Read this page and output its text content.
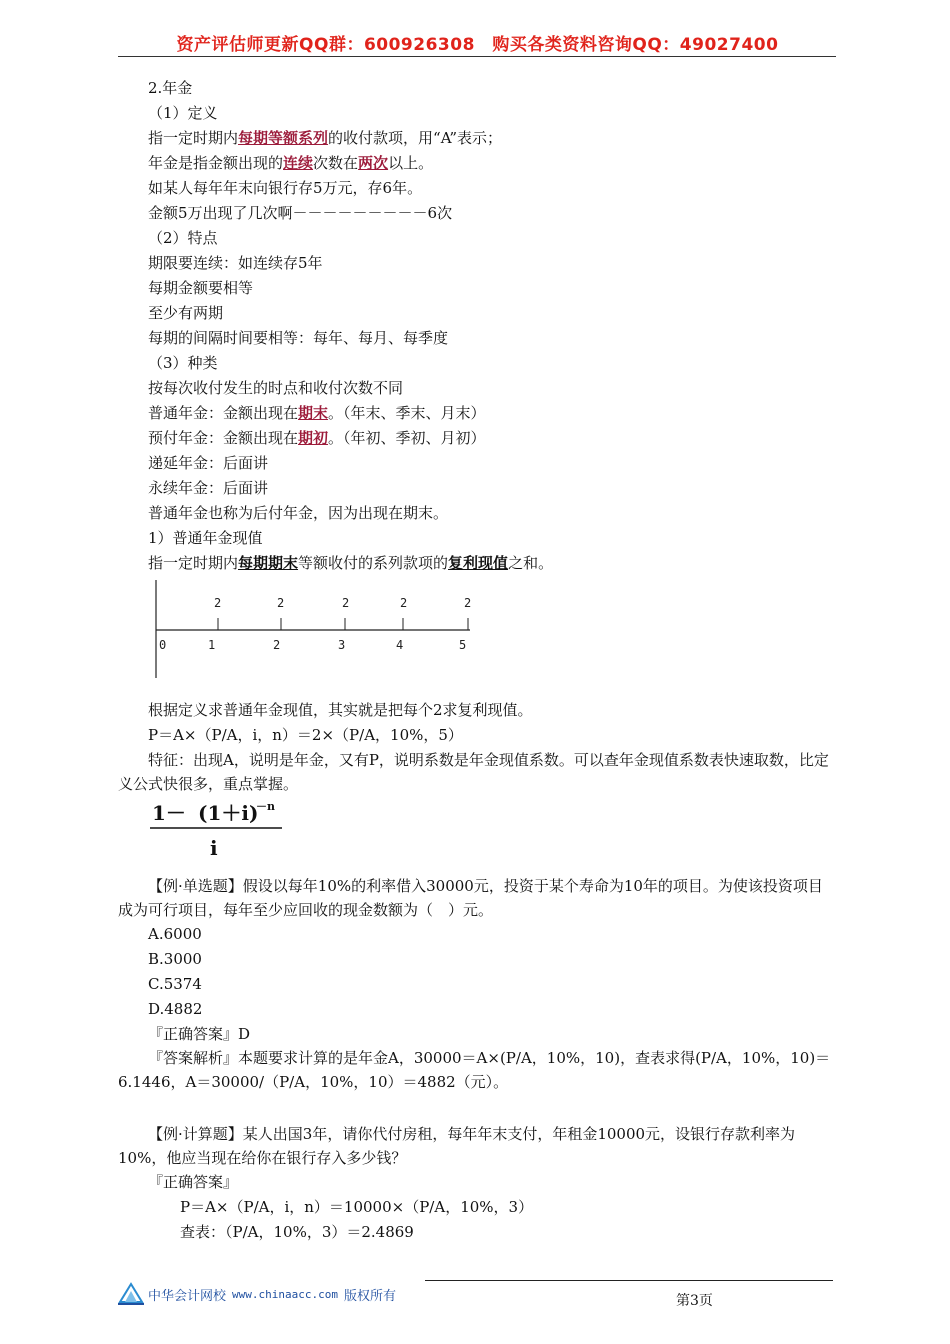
资产评估师更新QQ群：600926308　购买各类资料咨询QQ：49027400
2.年金
（1）定义
指一定时期内每期等额系列的收付款项，用“A”表示；
年金是指金额出现的连续次数在两次以上。
如某人每年年末向银行存5万元，存6年。
金额5万出现了几次啊－－－－－－－－－6次
（2）特点
期限要连续：如连续存5年
每期金额要相等
至少有两期
每期的间隔时间要相等：每年、每月、每季度
（3）种类
按每次收付发生的时点和收付次数不同
普通年金：金额出现在期末。（年末、季末、月末）
预付年金：金额出现在期初。（年初、季初、月初）
递延年金：后面讲
永续年金：后面讲
普通年金也称为后付年金，因为出现在期末。
1）普通年金现值
指一定时期内每期期末等额收付的系列款项的复利现值之和。
2	2	2	2	2
0	1	2	3	4	5
根据定义求普通年金现值，其实就是把每个2求复利现值。
P＝A×（P/A，i，n）＝2×（P/A，10%，5）
特征：出现A，说明是年金，又有P，说明系数是年金现值系数。可以查年金现值系数表快速取数，比定义公式快很多，重点掌握。
1－ (1＋i)
－n
i
【例·单选题】假设以每年10%的利率借入30000元，投资于某个寿命为10年的项目。为使该投资项目成为可行项目，每年至少应回收的现金数额为（　）元。
A.6000
B.3000
C.5374
D.4882
『正确答案』D
『答案解析』本题要求计算的是年金A，30000＝A×(P/A，10%，10)，查表求得(P/A，10%，10)＝6.1446，A＝30000/（P/A，10%，10）＝4882（元）。
【例·计算题】某人出国3年，请你代付房租，每年年末支付，年租金10000元，设银行存款利率为10%，他应当现在给你在银行存入多少钱？
『正确答案』
P＝A×（P/A，i，n）＝10000×（P/A，10%，3）
查表：（P/A，10%，3）＝2.4869
中华会计网校 www.chinaacc.com 版权所有	第3页
